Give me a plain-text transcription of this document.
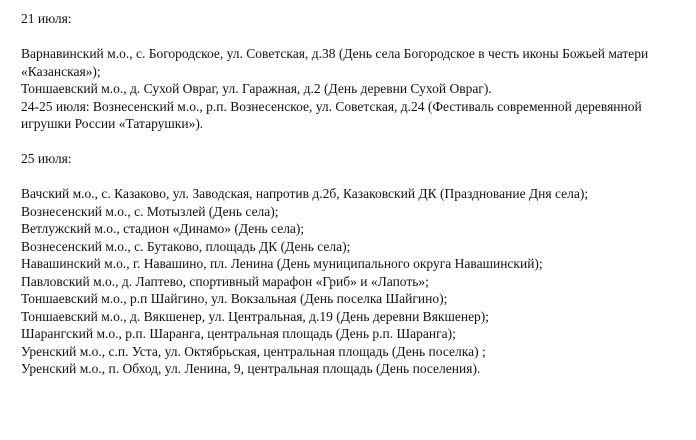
21 июля:

Варнавинский м.о., с. Богородское, ул. Советская, д.38 (День села Богородское в честь иконы Божьей матери «Казанская»);
Тоншаевский м.о., д. Сухой Овраг, ул. Гаражная, д.2 (День деревни Сухой Овраг).
24-25 июля: Вознесенский м.о., р.п. Вознесенское, ул. Советская, д.24 (Фестиваль современной деревянной игрушки России «Татарушки»).

25 июля:

Вачский м.о., с. Казаково, ул. Заводская, напротив д.2б, Казаковский ДК (Празднование Дня села);
Вознесенский м.о., с. Мотызлей (День села);
Ветлужский м.о., стадион «Динамо» (День села);
Вознесенский м.о., с. Бутаково, площадь ДК (День села);
Навашинский м.о., г. Навашино, пл. Ленина (День муниципального округа Навашинский);
Павловский м.о., д. Лаптево, спортивный марафон «Гриб» и «Лапоть»;
Тоншаевский м.о., р.п Шайгино, ул. Вокзальная (День поселка Шайгино);
Тоншаевский м.о., д. Вякшенер, ул. Центральная, д.19 (День деревни Вякшенер);
Шарангский м.о., р.п. Шаранга, центральная площадь (День р.п. Шаранга);
Уренский м.о., с.п. Уста, ул. Октябрьская, центральная площадь (День поселка) ;
Уренский м.о., п. Обход, ул. Ленина, 9, центральная площадь (День поселения).
